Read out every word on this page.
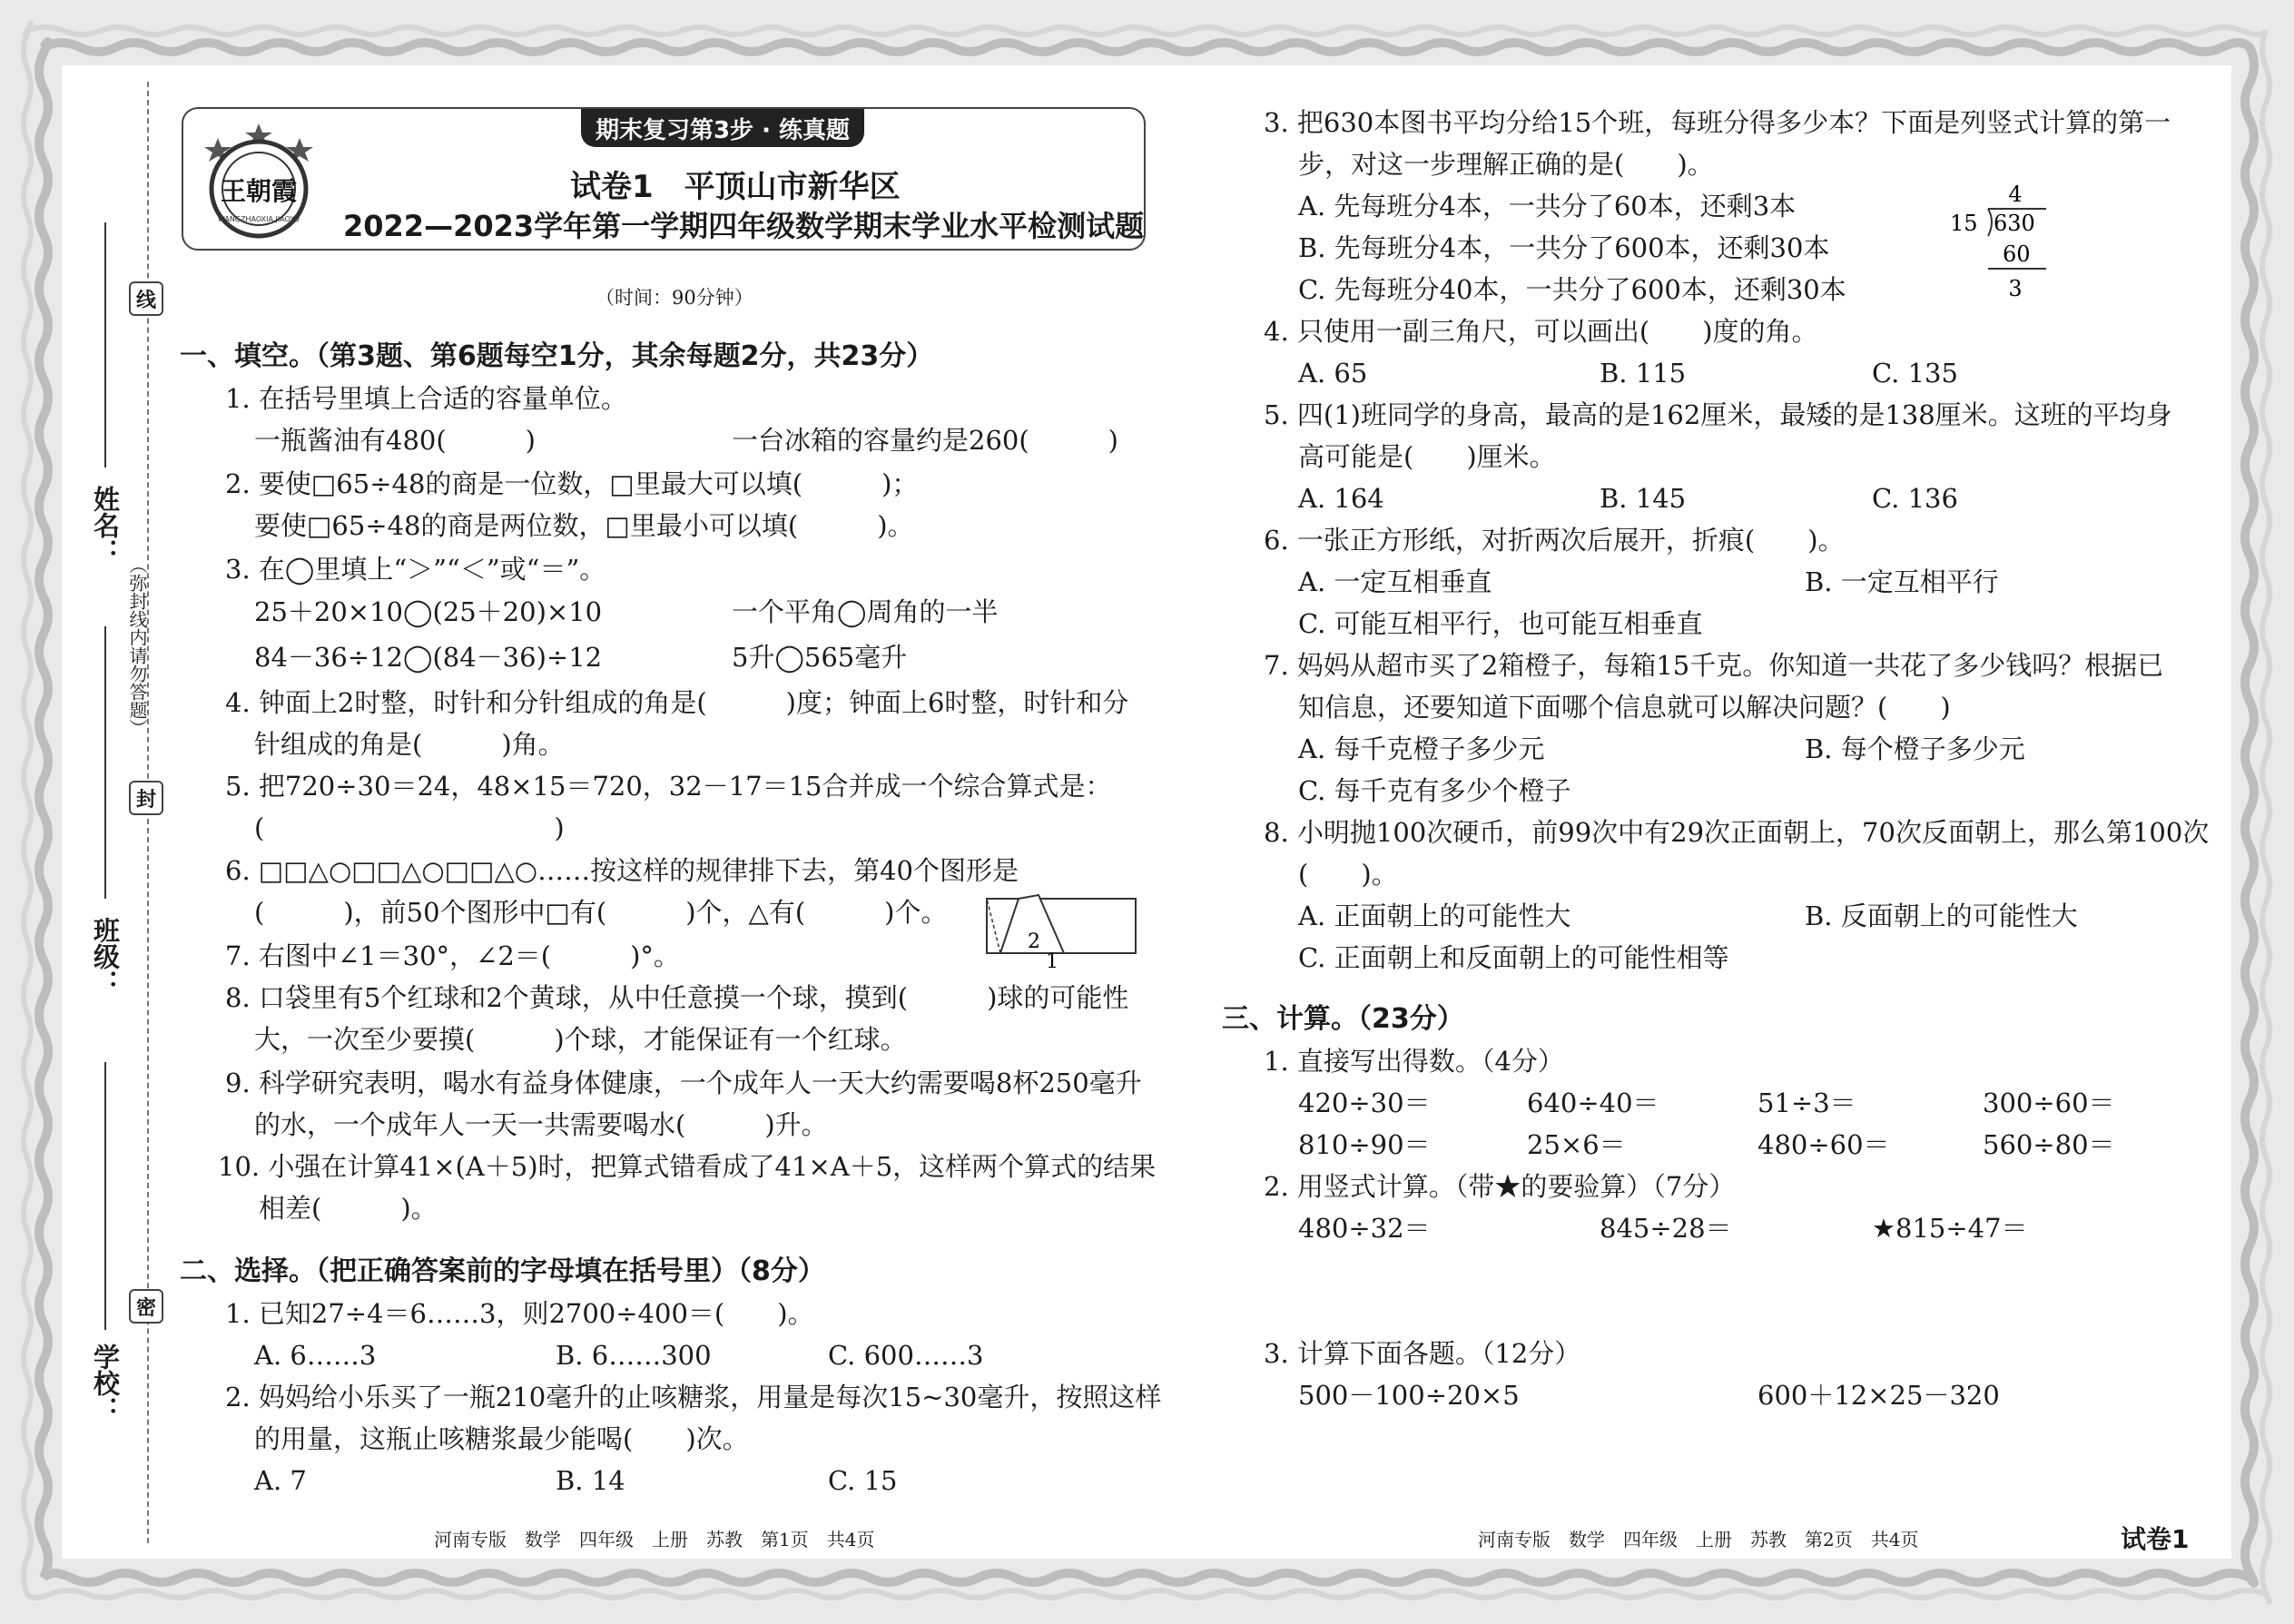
线
封
密
（弥封线内请勿答题）
姓名：
班级：
学校：
期末复习第3步 · 练真题
王朝霞
WANGZHAOXIA JIAOYU
试卷1　平顶山市新华区
2022—2023学年第一学期四年级数学期末学业水平检测试题
（时间：90分钟）
一、填空。（第3题、第6题每空1分，其余每题2分，共23分）
1. 在括号里填上合适的容量单位。
一瓶酱油有480(　　　)	一台冰箱的容量约是260(　　　)
2. 要使□65÷48的商是一位数，□里最大可以填(　　　)；
要使□65÷48的商是两位数，□里最小可以填(　　　)。
3. 在◯里填上“＞”“＜”或“＝”。
25＋20×10◯(25＋20)×10	一个平角◯周角的一半
84－36÷12◯(84－36)÷12	5升◯565毫升
4. 钟面上2时整，时针和分针组成的角是(　　　)度；钟面上6时整，时针和分
针组成的角是(　　　)角。
5. 把720÷30＝24，48×15＝720，32－17＝15合并成一个综合算式是：
(　　　　　　　　　　　)
6. □□△○□□△○□□△○……按这样的规律排下去，第40个图形是
(　　　)，前50个图形中□有(　　　)个，△有(　　　)个。
7. 右图中∠1＝30°，∠2＝(　　　)°。
8. 口袋里有5个红球和2个黄球，从中任意摸一个球，摸到(　　　)球的可能性
大，一次至少要摸(　　　)个球，才能保证有一个红球。
9. 科学研究表明，喝水有益身体健康，一个成年人一天大约需要喝8杯250毫升
的水，一个成年人一天一共需要喝水(　　　)升。
10. 小强在计算41×(A＋5)时，把算式错看成了41×A＋5，这样两个算式的结果
相差(　　　)。
二、选择。（把正确答案前的字母填在括号里）（8分）
1. 已知27÷4＝6……3，则2700÷400＝(　　)。
A. 6……3	B. 6……300	C. 600……3
2. 妈妈给小乐买了一瓶210毫升的止咳糖浆，用量是每次15~30毫升，按照这样
的用量，这瓶止咳糖浆最少能喝(　　)次。
A. 7	B. 14	C. 15
2
1
3. 把630本图书平均分给15个班，每班分得多少本？下面是列竖式计算的第一
步，对这一步理解正确的是(　　)。
A. 先每班分4本，一共分了60本，还剩3本
B. 先每班分4本，一共分了600本，还剩30本
C. 先每班分40本，一共分了600本，还剩30本
4. 只使用一副三角尺，可以画出(　　)度的角。
A. 65	B. 115	C. 135
5. 四(1)班同学的身高，最高的是162厘米，最矮的是138厘米。这班的平均身
高可能是(　　)厘米。
A. 164	B. 145	C. 136
6. 一张正方形纸，对折两次后展开，折痕(　　)。
A. 一定互相垂直	B. 一定互相平行
C. 可能互相平行，也可能互相垂直
7. 妈妈从超市买了2箱橙子，每箱15千克。你知道一共花了多少钱吗？根据已
知信息，还要知道下面哪个信息就可以解决问题？(　　)
A. 每千克橙子多少元	B. 每个橙子多少元
C. 每千克有多少个橙子
8. 小明抛100次硬币，前99次中有29次正面朝上，70次反面朝上，那么第100次
(　　)。
A. 正面朝上的可能性大	B. 反面朝上的可能性大
C. 正面朝上和反面朝上的可能性相等
三、计算。（23分）
1. 直接写出得数。（4分）
420÷30＝	640÷40＝	51÷3＝	300÷60＝
810÷90＝	25×6＝	480÷60＝	560÷80＝
2. 用竖式计算。（带★的要验算）（7分）
480÷32＝	845÷28＝	★815÷47＝
3. 计算下面各题。（12分）
500－100÷20×5	600＋12×25－320
4
15 630
60
3
河南专版　数学　四年级　上册　苏教　第1页　共4页	河南专版　数学　四年级　上册　苏教　第2页　共4页	试卷1
